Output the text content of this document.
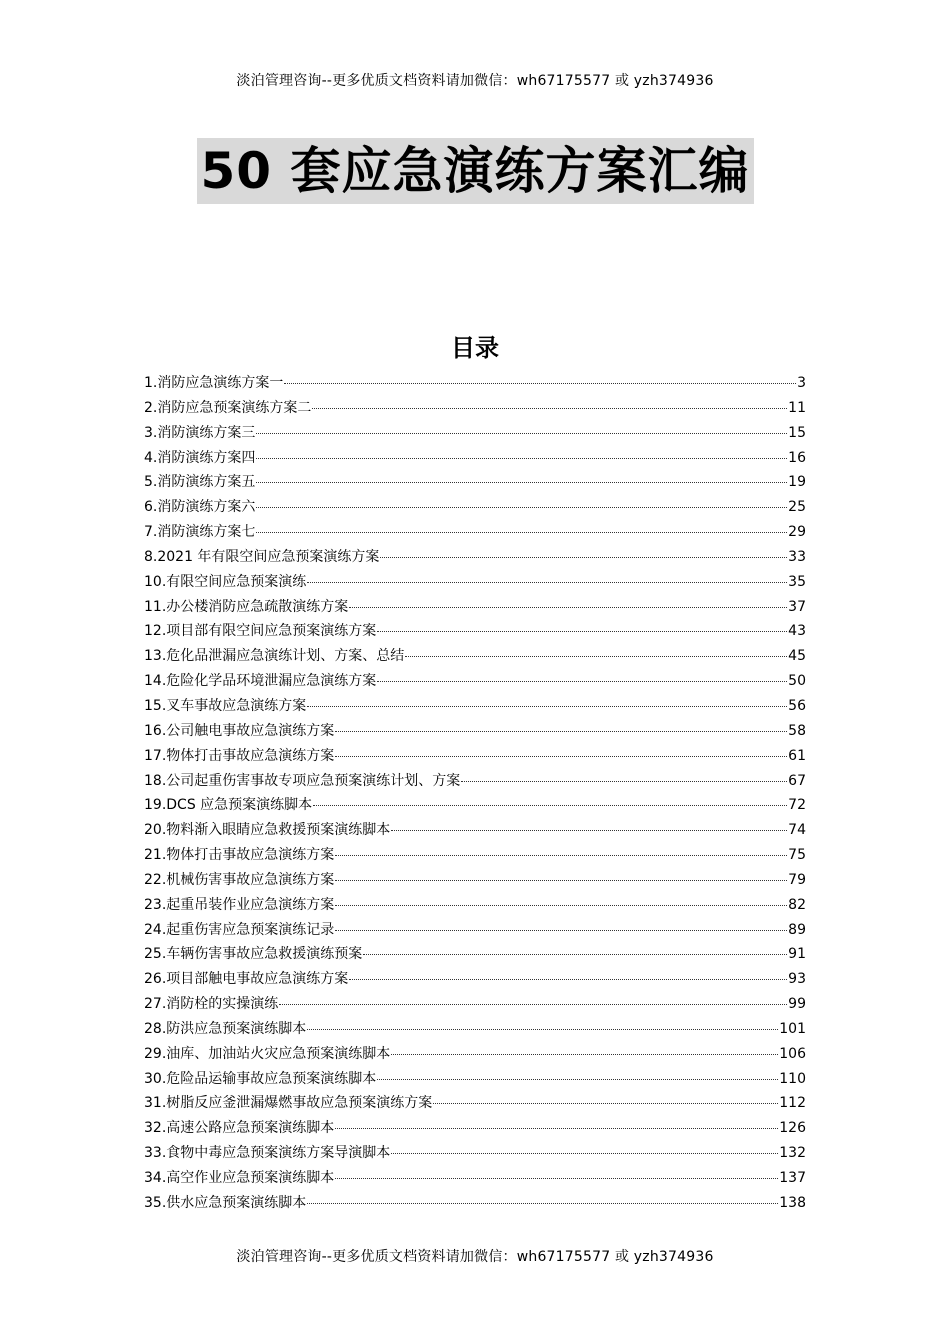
淡泊管理咨询--更多优质文档资料请加微信：wh67175577 或 yzh374936
50 套应急演练方案汇编
目录
1.消防应急演练方案一	3
2.消防应急预案演练方案二	11
3.消防演练方案三	15
4.消防演练方案四	16
5.消防演练方案五	19
6.消防演练方案六	25
7.消防演练方案七	29
8.2021 年有限空间应急预案演练方案	33
10.有限空间应急预案演练	35
11.办公楼消防应急疏散演练方案	37
12.项目部有限空间应急预案演练方案	43
13.危化品泄漏应急演练计划、方案、总结	45
14.危险化学品环境泄漏应急演练方案	50
15.叉车事故应急演练方案	56
16.公司触电事故应急演练方案	58
17.物体打击事故应急演练方案	61
18.公司起重伤害事故专项应急预案演练计划、方案	67
19.DCS 应急预案演练脚本	72
20.物料渐入眼睛应急救援预案演练脚本	74
21.物体打击事故应急演练方案	75
22.机械伤害事故应急演练方案	79
23.起重吊装作业应急演练方案	82
24.起重伤害应急预案演练记录	89
25.车辆伤害事故应急救援演练预案	91
26.项目部触电事故应急演练方案	93
27.消防栓的实操演练	99
28.防洪应急预案演练脚本	101
29.油库、加油站火灾应急预案演练脚本	106
30.危险品运输事故应急预案演练脚本	110
31.树脂反应釜泄漏爆燃事故应急预案演练方案	112
32.高速公路应急预案演练脚本	126
33.食物中毒应急预案演练方案导演脚本	132
34.高空作业应急预案演练脚本	137
35.供水应急预案演练脚本	138
淡泊管理咨询--更多优质文档资料请加微信：wh67175577 或 yzh374936
